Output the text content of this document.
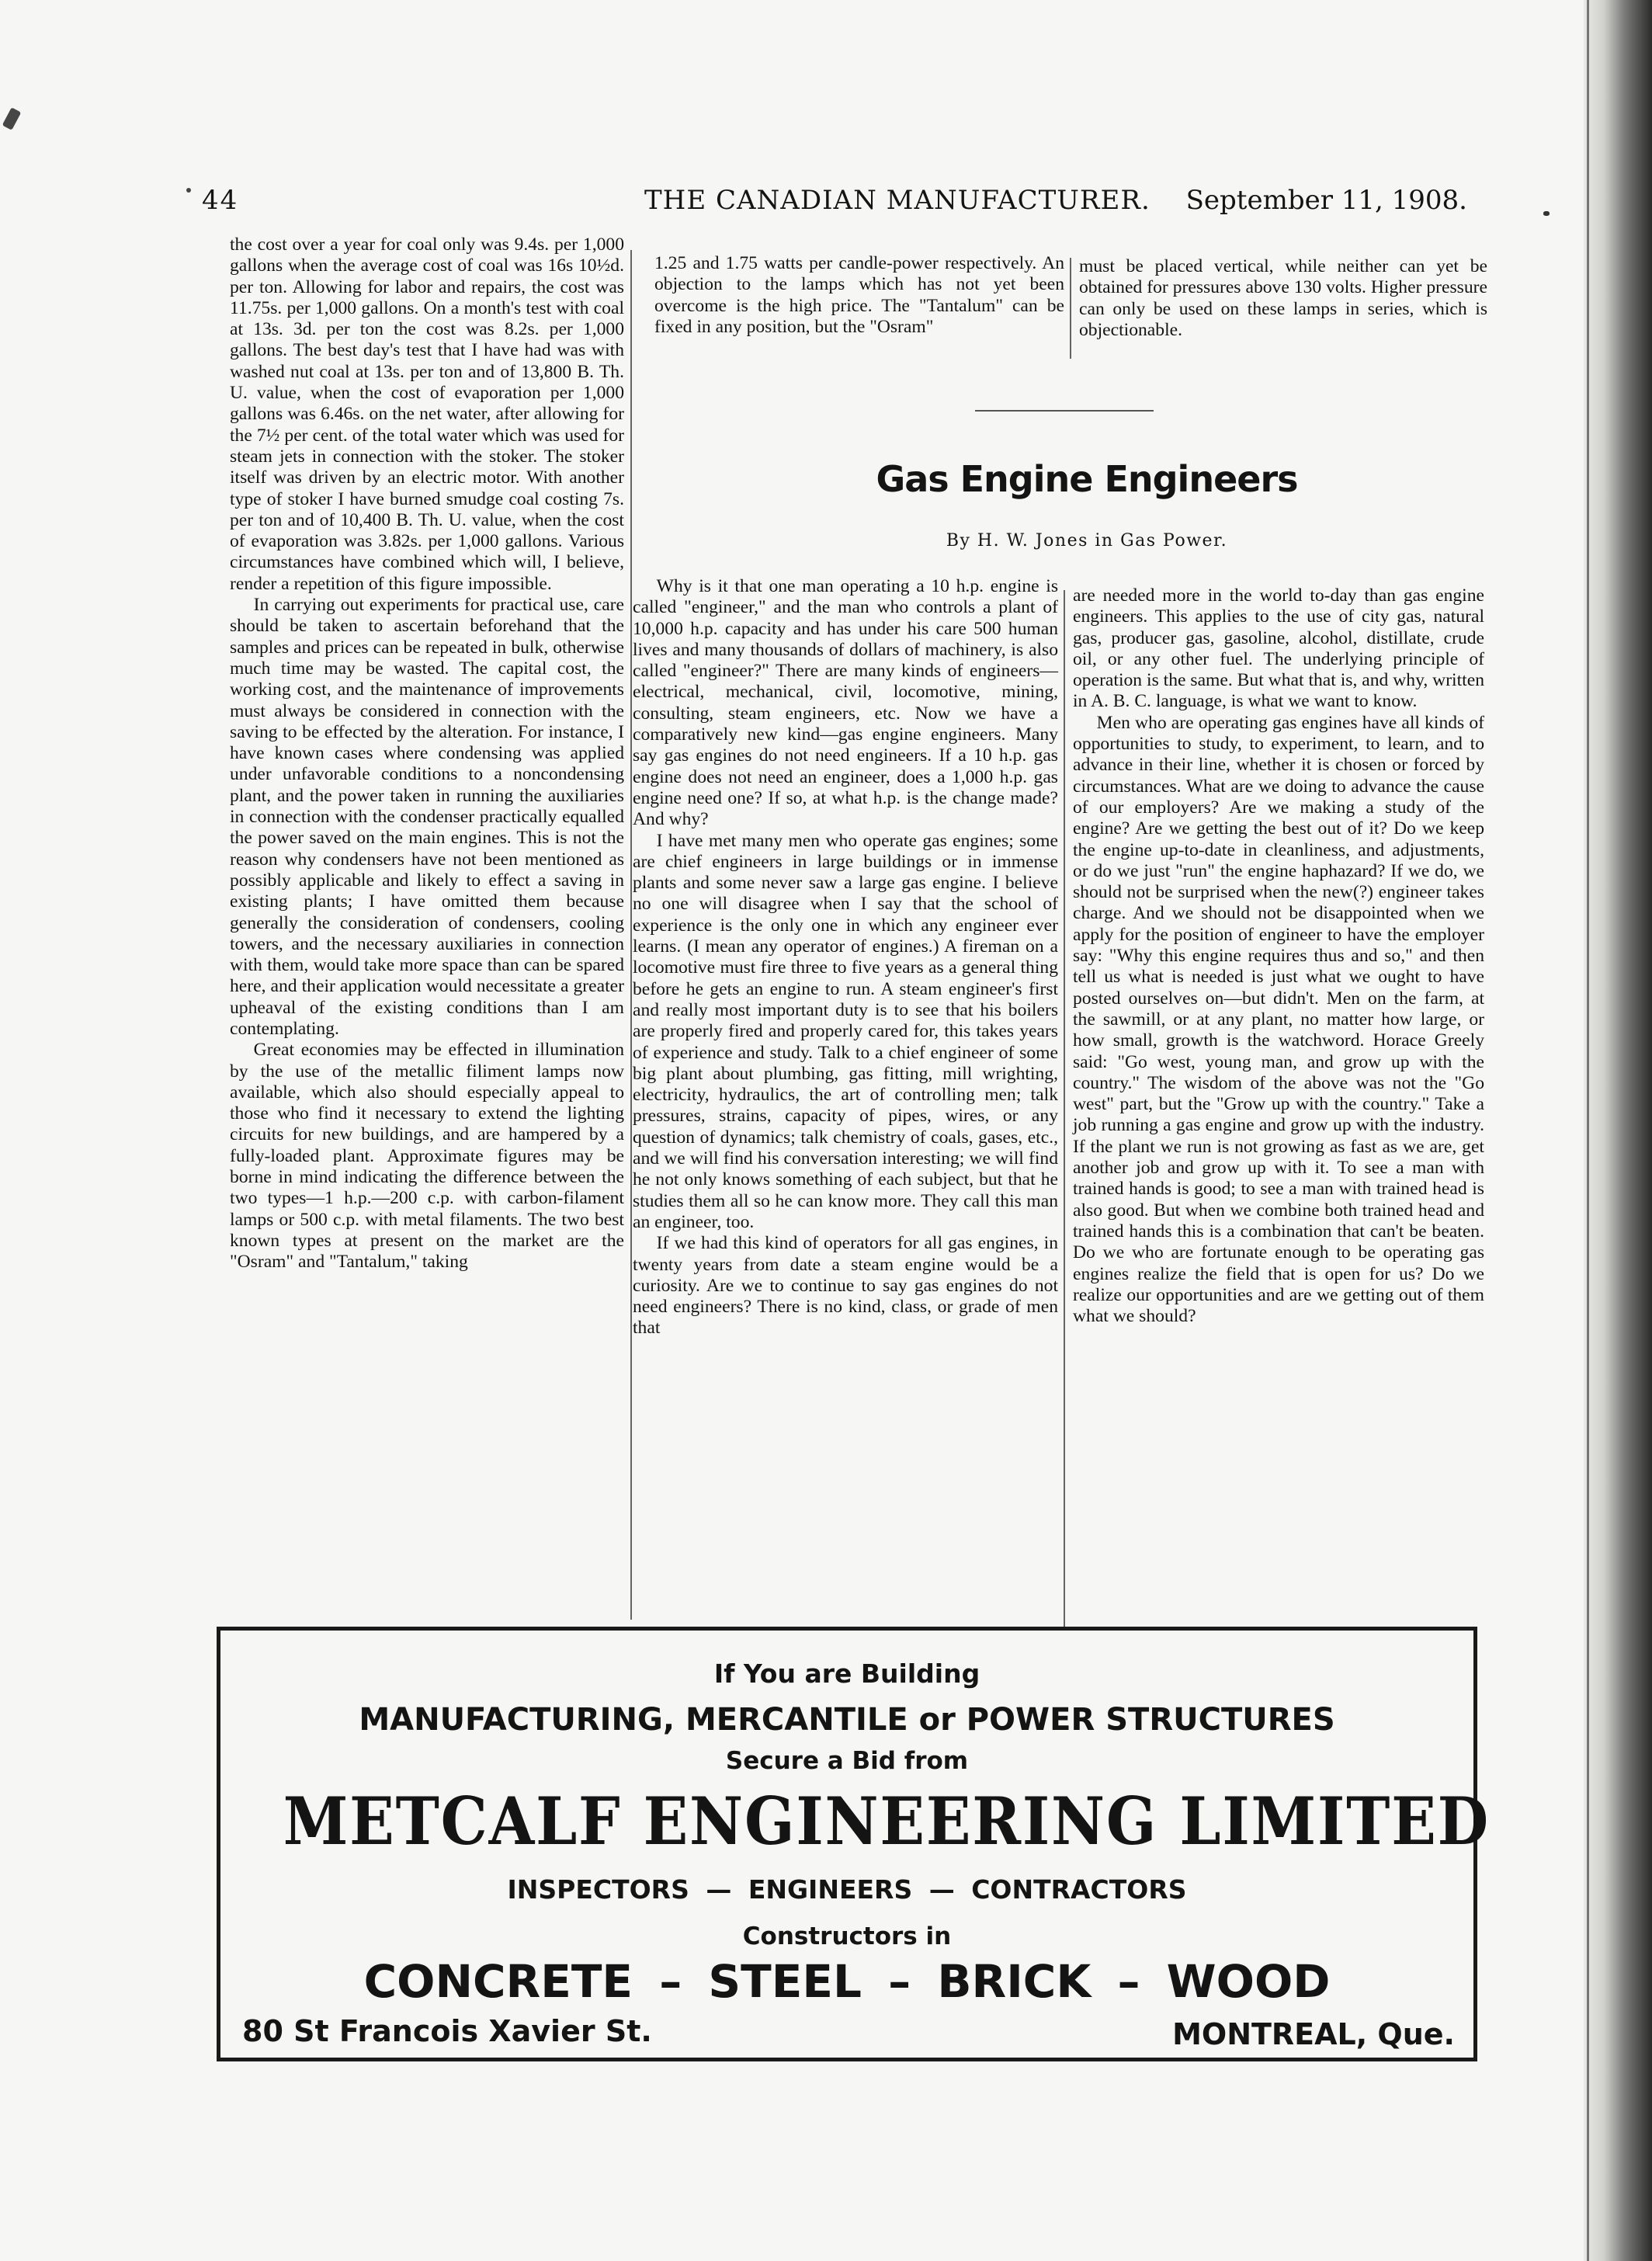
44	THE CANADIAN MANUFACTURER. September 11, 1908.

the cost over a year for coal only was 9.4s. per 1,000 gallons when the average cost of coal was 16s 10½d. per ton. Allowing for labor and repairs, the cost was 11.75s. per 1,000 gallons. On a month's test with coal at 13s. 3d. per ton the cost was 8.2s. per 1,000 gallons. The best day's test that I have had was with washed nut coal at 13s. per ton and of 13,800 B. Th. U. value, when the cost of evaporation per 1,000 gallons was 6.46s. on the net water, after allowing for the 7½ per cent. of the total water which was used for steam jets in connection with the stoker. The stoker itself was driven by an electric motor. With another type of stoker I have burned smudge coal costing 7s. per ton and of 10,400 B. Th. U. value, when the cost of evaporation was 3.82s. per 1,000 gallons. Various circumstances have combined which will, I believe, render a repetition of this figure impossible.

In carrying out experiments for practical use, care should be taken to ascertain beforehand that the samples and prices can be repeated in bulk, otherwise much time may be wasted. The capital cost, the working cost, and the maintenance of improvements must always be considered in connection with the saving to be effected by the alteration. For instance, I have known cases where condensing was applied under unfavorable conditions to a noncondensing plant, and the power taken in running the auxiliaries in connection with the condenser practically equalled the power saved on the main engines. This is not the reason why condensers have not been mentioned as possibly applicable and likely to effect a saving in existing plants; I have omitted them because generally the consideration of condensers, cooling towers, and the necessary auxiliaries in connection with them, would take more space than can be spared here, and their application would necessitate a greater upheaval of the existing conditions than I am contemplating.

Great economies may be effected in illumination by the use of the metallic filiment lamps now available, which also should especially appeal to those who find it necessary to extend the lighting circuits for new buildings, and are hampered by a fully-loaded plant. Approximate figures may be borne in mind indicating the difference between the two types—1 h.p.—200 c.p. with carbon-filament lamps or 500 c.p. with metal filaments. The two best known types at present on the market are the "Osram" and "Tantalum," taking

1.25 and 1.75 watts per candle-power respectively. An objection to the lamps which has not yet been overcome is the high price. The "Tantalum" can be fixed in any position, but the "Osram"

must be placed vertical, while neither can yet be obtained for pressures above 130 volts. Higher pressure can only be used on these lamps in series, which is objectionable.

Gas Engine Engineers
By H. W. Jones in Gas Power.

Why is it that one man operating a 10 h.p. engine is called "engineer," and the man who controls a plant of 10,000 h.p. capacity and has under his care 500 human lives and many thousands of dollars of machinery, is also called "engineer?" There are many kinds of engineers—electrical, mechanical, civil, locomotive, mining, consulting, steam engineers, etc. Now we have a comparatively new kind—gas engine engineers. Many say gas engines do not need engineers. If a 10 h.p. gas engine does not need an engineer, does a 1,000 h.p. gas engine need one? If so, at what h.p. is the change made? And why?

I have met many men who operate gas engines; some are chief engineers in large buildings or in immense plants and some never saw a large gas engine. I believe no one will disagree when I say that the school of experience is the only one in which any engineer ever learns. (I mean any operator of engines.) A fireman on a locomotive must fire three to five years as a general thing before he gets an engine to run. A steam engineer's first and really most important duty is to see that his boilers are properly fired and properly cared for, this takes years of experience and study. Talk to a chief engineer of some big plant about plumbing, gas fitting, mill wrighting, electricity, hydraulics, the art of controlling men; talk pressures, strains, capacity of pipes, wires, or any question of dynamics; talk chemistry of coals, gases, etc., and we will find his conversation interesting; we will find he not only knows something of each subject, but that he studies them all so he can know more. They call this man an engineer, too.

If we had this kind of operators for all gas engines, in twenty years from date a steam engine would be a curiosity. Are we to continue to say gas engines do not need engineers? There is no kind, class, or grade of men that

are needed more in the world to-day than gas engine engineers. This applies to the use of city gas, natural gas, producer gas, gasoline, alcohol, distillate, crude oil, or any other fuel. The underlying principle of operation is the same. But what that is, and why, written in A. B. C. language, is what we want to know.

Men who are operating gas engines have all kinds of opportunities to study, to experiment, to learn, and to advance in their line, whether it is chosen or forced by circumstances. What are we doing to advance the cause of our employers? Are we making a study of the engine? Are we getting the best out of it? Do we keep the engine up-to-date in cleanliness, and adjustments, or do we just "run" the engine haphazard? If we do, we should not be surprised when the new(?) engineer takes charge. And we should not be disappointed when we apply for the position of engineer to have the employer say: "Why this engine requires thus and so," and then tell us what is needed is just what we ought to have posted ourselves on—but didn't. Men on the farm, at the sawmill, or at any plant, no matter how large, or how small, growth is the watchword. Horace Greely said: "Go west, young man, and grow up with the country." The wisdom of the above was not the "Go west" part, but the "Grow up with the country." Take a job running a gas engine and grow up with the industry. If the plant we run is not growing as fast as we are, get another job and grow up with it. To see a man with trained hands is good; to see a man with trained head is also good. But when we combine both trained head and trained hands this is a combination that can't be beaten. Do we who are fortunate enough to be operating gas engines realize the field that is open for us? Do we realize our opportunities and are we getting out of them what we should?

If You are Building
MANUFACTURING, MERCANTILE or POWER STRUCTURES
Secure a Bid from
METCALF ENGINEERING LIMITED
INSPECTORS — ENGINEERS — CONTRACTORS
Constructors in
CONCRETE – STEEL – BRICK – WOOD
80 St Francois Xavier St.	MONTREAL, Que.
